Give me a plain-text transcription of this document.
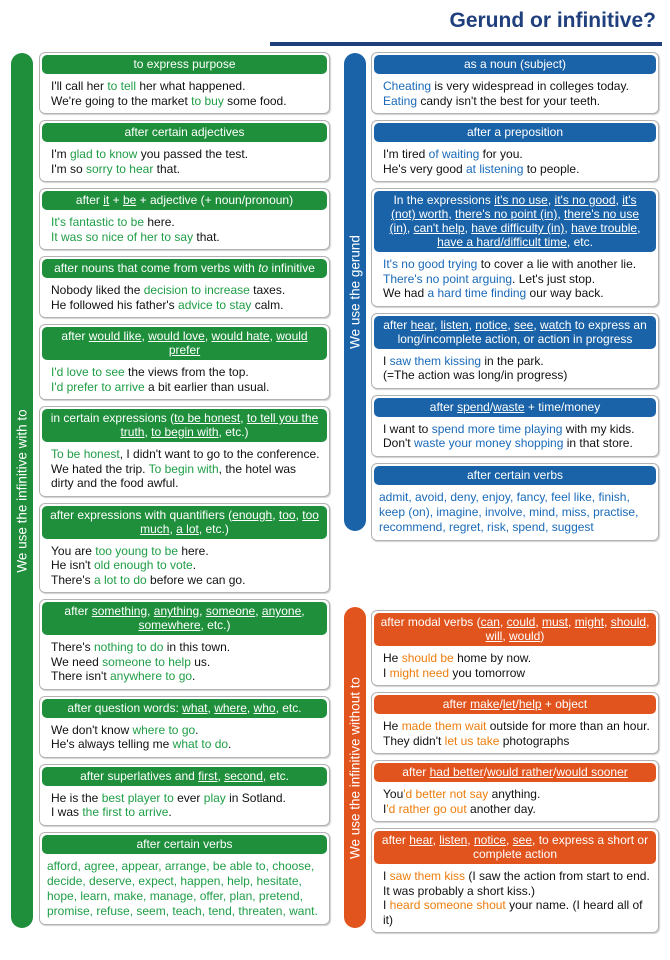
Gerund or infinitive?
We use the infinitive with to
We use the gerund
We use the infinitive without to
to express purpose
I'll call her to tell her what happened.
We're going to the market to buy some food.
after certain adjectives
I'm glad to know you passed the test.
I'm so sorry to hear that.
after it + be + adjective (+ noun/pronoun)
It's fantastic to be here.
It was so nice of her to say that.
after nouns that come from verbs with to infinitive
Nobody liked the decision to increase taxes.
He followed his father's advice to stay calm.
after would like, would love, would hate, would prefer
I'd love to see the views from the top.
I'd prefer to arrive a bit earlier than usual.
in certain expressions (to be honest, to tell you the truth, to begin with, etc.)
To be honest, I didn't want to go to the conference.
We hated the trip. To begin with, the hotel was dirty and the food awful.
after expressions with quantifiers (enough, too, too much, a lot, etc.)
You are too young to be here.
He isn't old enough to vote.
There's a lot to do before we can go.
after something, anything, someone, anyone, somewhere, etc.)
There's nothing to do in this town.
We need someone to help us.
There isn't anywhere to go.
after question words: what, where, who, etc.
We don't know where to go.
He's always telling me what to do.
after superlatives and first, second, etc.
He is the best player to ever play in Sotland.
I was the first to arrive.
after certain verbs
afford, agree, appear, arrange, be able to, choose, decide, deserve, expect, happen, help, hesitate, hope, learn, make, manage, offer, plan, pretend, promise, refuse, seem, teach, tend, threaten, want.
as a noun (subject)
Cheating is very widespread in colleges today.
Eating candy isn't the best for your teeth.
after a preposition
I'm tired of waiting for you.
He's very good at listening to people.
In the expressions it's no use, it's no good, it's (not) worth, there's no point (in), there's no use (in), can't help, have difficulty (in), have trouble, have a hard/difficult time, etc.
It's no good trying to cover a lie with another lie.
There's no point arguing. Let's just stop.
We had a hard time finding our way back.
after hear, listen, notice, see, watch to express an long/incomplete action, or action in progress
I saw them kissing in the park.
(=The action was long/in progress)
after spend/waste + time/money
I want to spend more time playing with my kids.
Don't waste your money shopping in that store.
after certain verbs
admit, avoid, deny, enjoy, fancy, feel like, finish, keep (on), imagine, involve, mind, miss, practise, recommend, regret, risk, spend, suggest
after modal verbs (can, could, must, might, should, will, would)
He should be home by now.
I might need you tomorrow
after make/let/help + object
He made them wait outside for more than an hour.
They didn't let us take photographs
after had better/would rather/would sooner
You'd better not say anything.
I'd rather go out another day.
after hear, listen, notice, see, to express a short or complete action
I saw them kiss (I saw the action from start to end. It was probably a short kiss.)
I heard someone shout your name. (I heard all of it)
